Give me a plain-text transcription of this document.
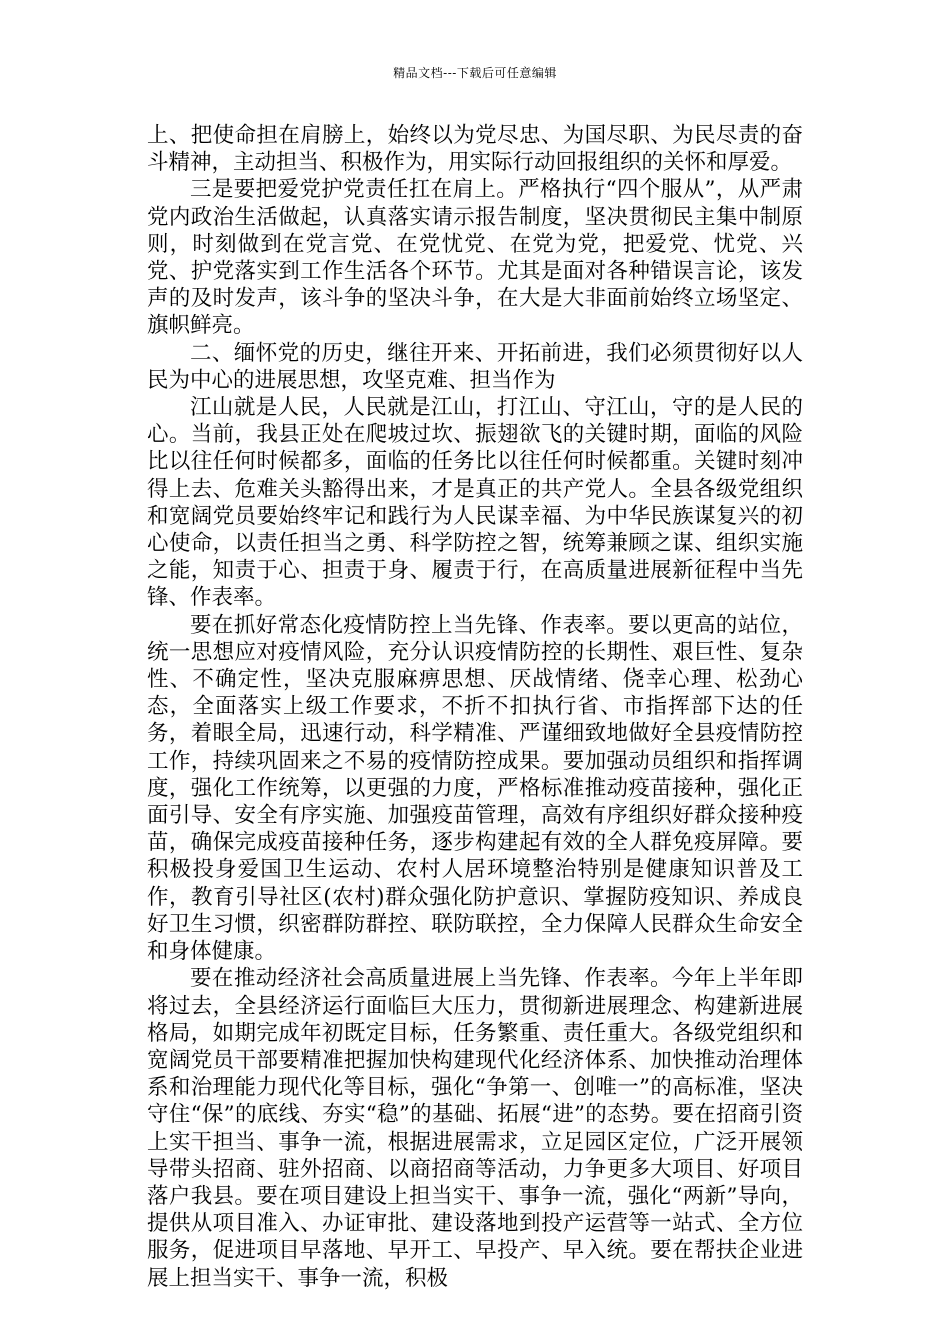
精品文档---下载后可任意编辑

上、把使命担在肩膀上，始终以为党尽忠、为国尽职、为民尽责的奋斗精神，主动担当、积极作为，用实际行动回报组织的关怀和厚爱。

三是要把爱党护党责任扛在肩上。严格执行“四个服从”，从严肃党内政治生活做起，认真落实请示报告制度，坚决贯彻民主集中制原则，时刻做到在党言党、在党忧党、在党为党，把爱党、忧党、兴党、护党落实到工作生活各个环节。尤其是面对各种错误言论，该发声的及时发声，该斗争的坚决斗争，在大是大非面前始终立场坚定、旗帜鲜亮。

二、缅怀党的历史，继往开来、开拓前进，我们必须贯彻好以人民为中心的进展思想，攻坚克难、担当作为

江山就是人民，人民就是江山，打江山、守江山，守的是人民的心。当前，我县正处在爬坡过坎、振翅欲飞的关键时期，面临的风险比以往任何时候都多，面临的任务比以往任何时候都重。关键时刻冲得上去、危难关头豁得出来，才是真正的共产党人。全县各级党组织和宽阔党员要始终牢记和践行为人民谋幸福、为中华民族谋复兴的初心使命，以责任担当之勇、科学防控之智，统筹兼顾之谋、组织实施之能，知责于心、担责于身、履责于行，在高质量进展新征程中当先锋、作表率。

要在抓好常态化疫情防控上当先锋、作表率。要以更高的站位，统一思想应对疫情风险，充分认识疫情防控的长期性、艰巨性、复杂性、不确定性，坚决克服麻痹思想、厌战情绪、侥幸心理、松劲心态，全面落实上级工作要求，不折不扣执行省、市指挥部下达的任务，着眼全局，迅速行动，科学精准、严谨细致地做好全县疫情防控工作，持续巩固来之不易的疫情防控成果。要加强动员组织和指挥调度，强化工作统筹，以更强的力度，严格标准推动疫苗接种，强化正面引导、安全有序实施、加强疫苗管理，高效有序组织好群众接种疫苗，确保完成疫苗接种任务，逐步构建起有效的全人群免疫屏障。要积极投身爱国卫生运动、农村人居环境整治特别是健康知识普及工作，教育引导社区(农村)群众强化防护意识、掌握防疫知识、养成良好卫生习惯，织密群防群控、联防联控，全力保障人民群众生命安全和身体健康。

要在推动经济社会高质量进展上当先锋、作表率。今年上半年即将过去，全县经济运行面临巨大压力，贯彻新进展理念、构建新进展格局，如期完成年初既定目标，任务繁重、责任重大。各级党组织和宽阔党员干部要精准把握加快构建现代化经济体系、加快推动治理体系和治理能力现代化等目标，强化“争第一、创唯一”的高标准，坚决守住“保”的底线、夯实“稳”的基础、拓展“进”的态势。要在招商引资上实干担当、事争一流，根据进展需求，立足园区定位，广泛开展领导带头招商、驻外招商、以商招商等活动，力争更多大项目、好项目落户我县。要在项目建设上担当实干、事争一流，强化“两新”导向，提供从项目准入、办证审批、建设落地到投产运营等一站式、全方位服务，促进项目早落地、早开工、早投产、早入统。要在帮扶企业进展上担当实干、事争一流，积极
